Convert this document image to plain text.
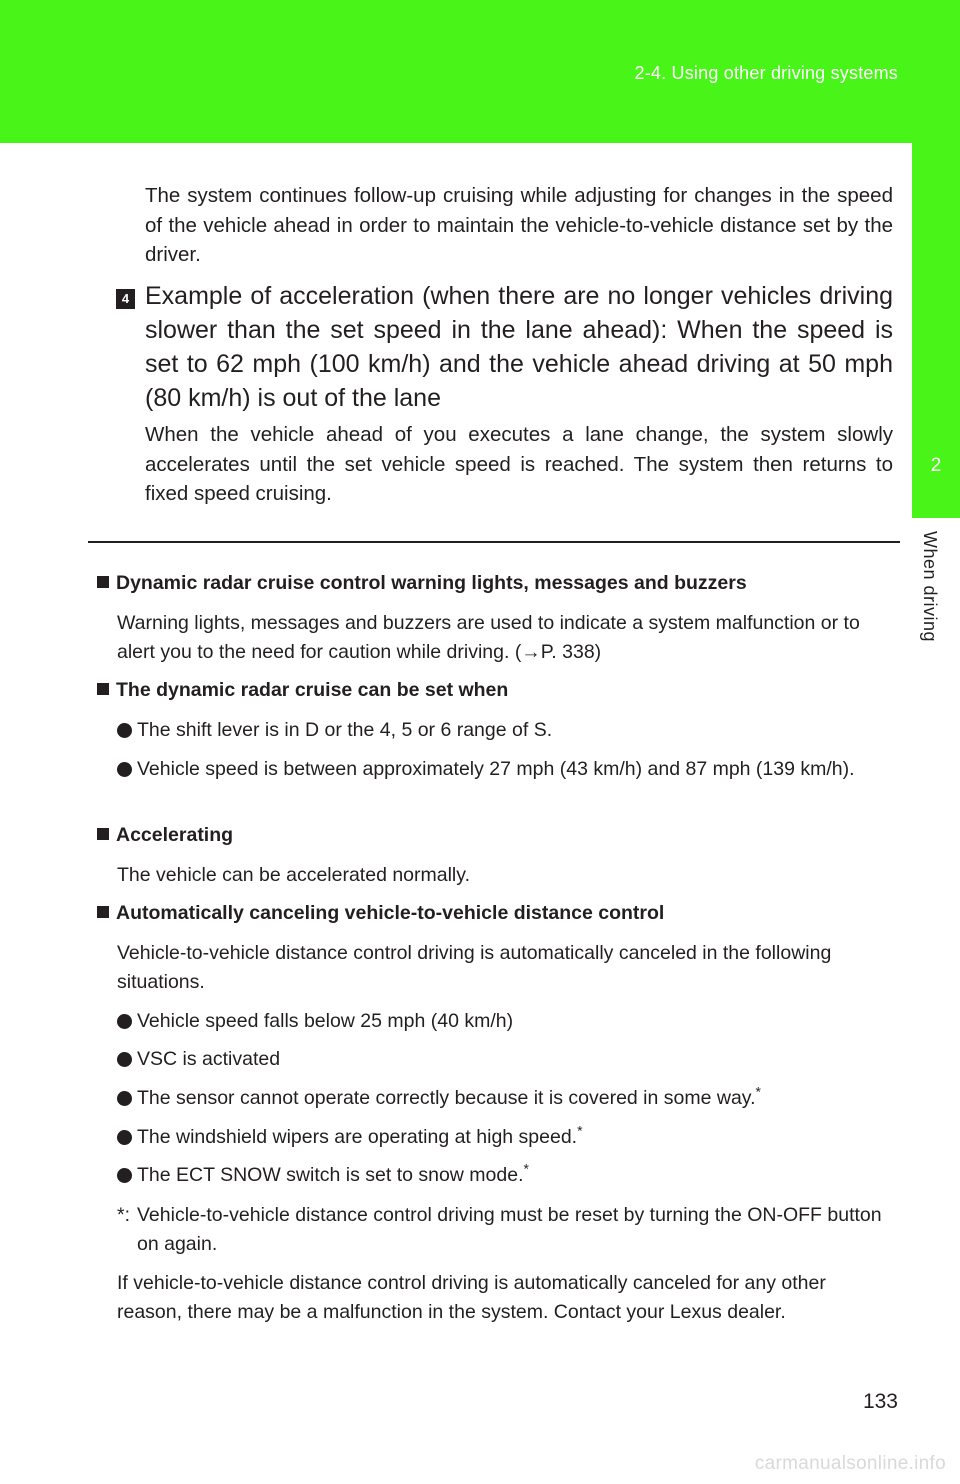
2-4. Using other driving systems
2
When driving
The system continues follow-up cruising while adjusting for changes in the speed of the vehicle ahead in order to maintain the vehicle-to-vehicle distance set by the driver.
4 Example of acceleration (when there are no longer vehicles driving slower than the set speed in the lane ahead): When the speed is set to 62 mph (100 km/h) and the vehicle ahead driving at 50 mph (80 km/h) is out of the lane
When the vehicle ahead of you executes a lane change, the system slowly accelerates until the set vehicle speed is reached. The system then returns to fixed speed cruising.
Dynamic radar cruise control warning lights, messages and buzzers
Warning lights, messages and buzzers are used to indicate a system malfunction or to alert you to the need for caution while driving. (→P. 338)
The dynamic radar cruise can be set when
The shift lever is in D or the 4, 5 or 6 range of S.
Vehicle speed is between approximately 27 mph (43 km/h) and 87 mph (139 km/h).
Accelerating
The vehicle can be accelerated normally.
Automatically canceling vehicle-to-vehicle distance control
Vehicle-to-vehicle distance control driving is automatically canceled in the following situations.
Vehicle speed falls below 25 mph (40 km/h)
VSC is activated
The sensor cannot operate correctly because it is covered in some way.*
The windshield wipers are operating at high speed.*
The ECT SNOW switch is set to snow mode.*
*: Vehicle-to-vehicle distance control driving must be reset by turning the ON-OFF button on again.
If vehicle-to-vehicle distance control driving is automatically canceled for any other reason, there may be a malfunction in the system. Contact your Lexus dealer.
133
carmanualsonline.info
